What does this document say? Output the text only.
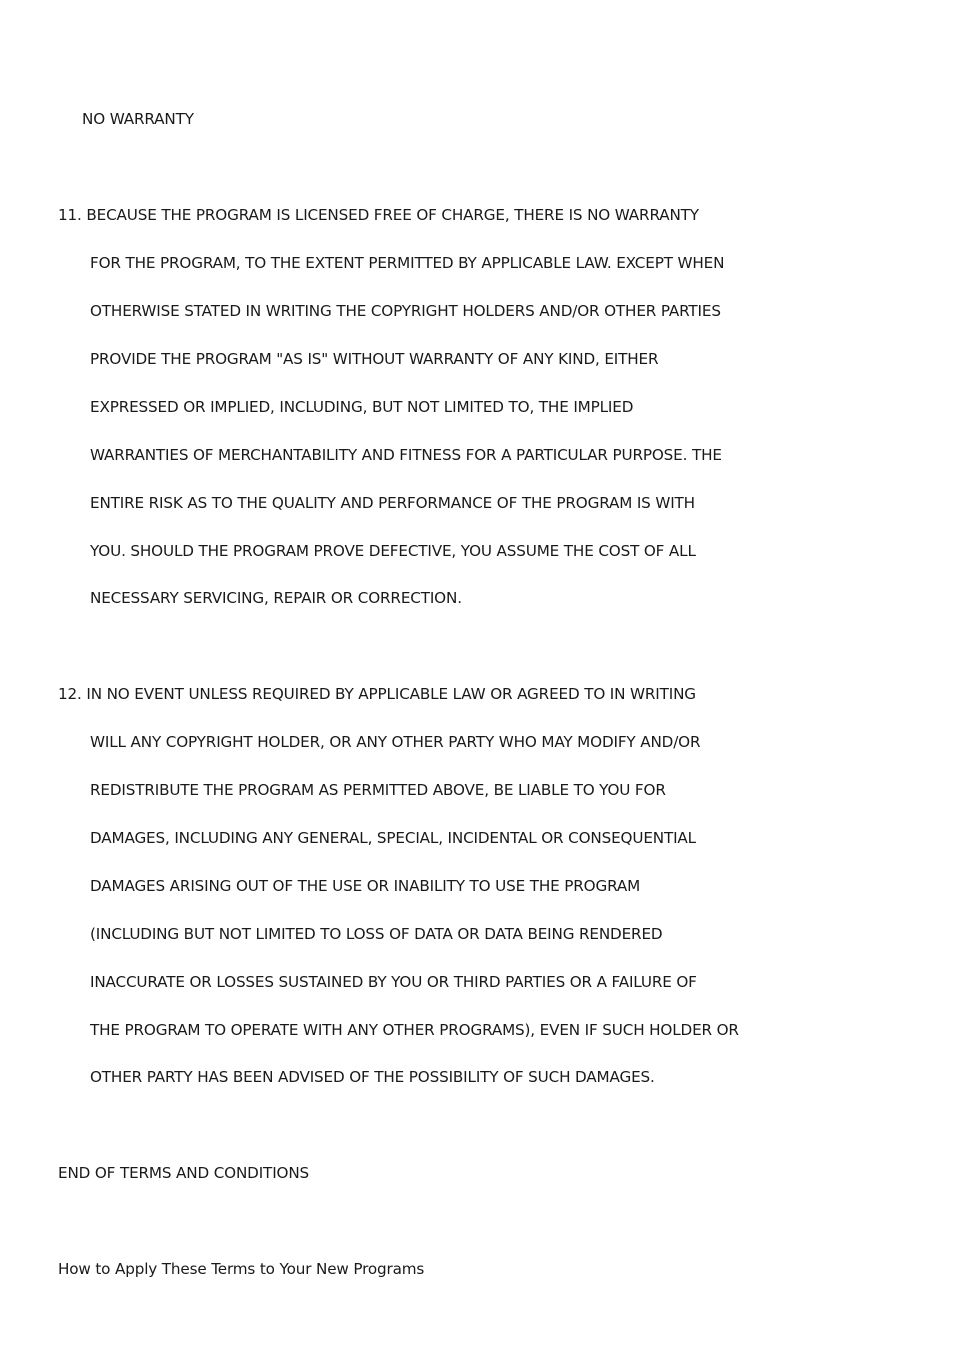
NO WARRANTY
11. BECAUSE THE PROGRAM IS LICENSED FREE OF CHARGE, THERE IS NO WARRANTY
FOR THE PROGRAM, TO THE EXTENT PERMITTED BY APPLICABLE LAW. EXCEPT WHEN
OTHERWISE STATED IN WRITING THE COPYRIGHT HOLDERS AND/OR OTHER PARTIES
PROVIDE THE PROGRAM "AS IS" WITHOUT WARRANTY OF ANY KIND, EITHER
EXPRESSED OR IMPLIED, INCLUDING, BUT NOT LIMITED TO, THE IMPLIED
WARRANTIES OF MERCHANTABILITY AND FITNESS FOR A PARTICULAR PURPOSE. THE
ENTIRE RISK AS TO THE QUALITY AND PERFORMANCE OF THE PROGRAM IS WITH
YOU. SHOULD THE PROGRAM PROVE DEFECTIVE, YOU ASSUME THE COST OF ALL
NECESSARY SERVICING, REPAIR OR CORRECTION.
12. IN NO EVENT UNLESS REQUIRED BY APPLICABLE LAW OR AGREED TO IN WRITING
WILL ANY COPYRIGHT HOLDER, OR ANY OTHER PARTY WHO MAY MODIFY AND/OR
REDISTRIBUTE THE PROGRAM AS PERMITTED ABOVE, BE LIABLE TO YOU FOR
DAMAGES, INCLUDING ANY GENERAL, SPECIAL, INCIDENTAL OR CONSEQUENTIAL
DAMAGES ARISING OUT OF THE USE OR INABILITY TO USE THE PROGRAM
(INCLUDING BUT NOT LIMITED TO LOSS OF DATA OR DATA BEING RENDERED
INACCURATE OR LOSSES SUSTAINED BY YOU OR THIRD PARTIES OR A FAILURE OF
THE PROGRAM TO OPERATE WITH ANY OTHER PROGRAMS), EVEN IF SUCH HOLDER OR
OTHER PARTY HAS BEEN ADVISED OF THE POSSIBILITY OF SUCH DAMAGES.
END OF TERMS AND CONDITIONS
How to Apply These Terms to Your New Programs
